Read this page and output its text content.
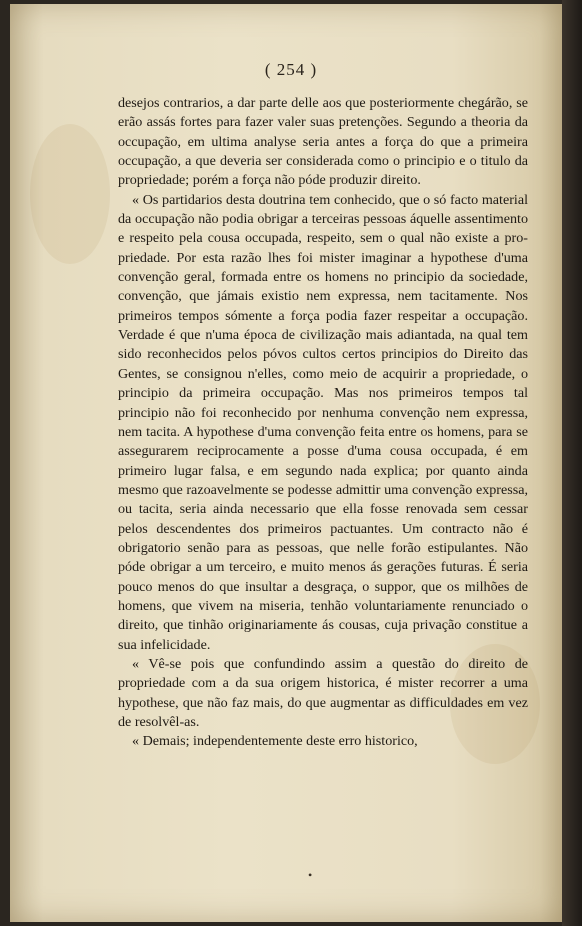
( 254 )

desejos contrarios, a dar parte delle aos que posteriormente chegárão, se erão assás fortes para fazer valer suas pretenções. Segundo a theoria da occupação, em ultima analyse seria antes a força do que a primeira occupação, a que deveria ser considerada como o principio e o titulo da propriedade; porém a força não póde produzir direito.

« Os partidarios desta doutrina tem conhecido, que o só facto material da occupação não podia obrigar a terceiras pessoas áquelle assentimento e respeito pela cousa occupada, respeito, sem o qual não existe a propriedade. Por esta razão lhes foi mister imaginar a hypothese d'uma convenção geral, formada entre os homens no principio da sociedade, convenção, que jámais existio nem expressa, nem tacitamente. Nos primeiros tempos sómente a força podia fazer respeitar a occupação. Verdade é que n'uma época de civilização mais adiantada, na qual tem sido reconhecidos pelos póvos cultos certos principios do Direito das Gentes, se consignou n'elles, como meio de acquirir a propriedade, o principio da primeira occupação. Mas nos primeiros tempos tal principio não foi reconhecido por nenhuma convenção nem expressa, nem tacita. A hypothese d'uma convenção feita entre os homens, para se assegurarem reciprocamente a posse d'uma cousa occupada, é em primeiro lugar falsa, e em segundo nada explica; por quanto ainda mesmo que razoavelmente se podesse admittir uma convenção expressa, ou tacita, seria ainda necessario que ella fosse renovada sem cessar pelos descendentes dos primeiros pactuantes. Um contracto não é obrigatorio senão para as pessoas, que nelle forão estipulantes. Não póde obrigar a um terceiro, e muito menos ás gerações futuras. É seria pouco menos do que insultar a desgraça, o suppor, que os milhões de homens, que vivem na miseria, tenhão voluntariamente renunciado o direito, que tinhão originariamente ás cousas, cuja privação constitue a sua infelicidade.

« Vê-se pois que confundindo assim a questão do direito de propriedade com a da sua origem historica, é mister recorrer a uma hypothese, que não faz mais, do que augmentar as difficuldades em vez de resolvêl-as.

« Demais; independentemente deste erro historico,

•
